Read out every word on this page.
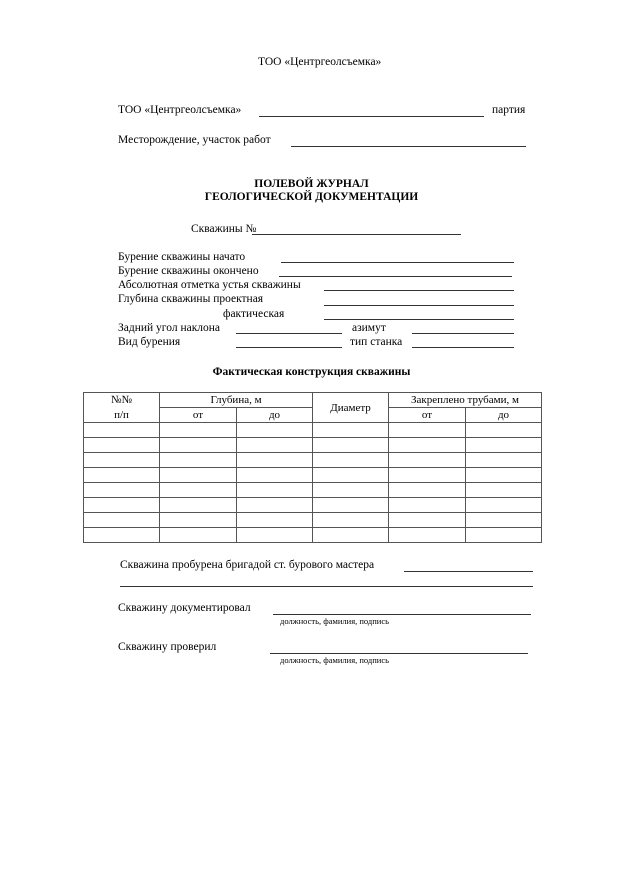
ТОО «Центргеолсъемка»
ТОО «Центргеолсъемка»	партия
Месторождение, участок работ
ПОЛЕВОЙ ЖУРНАЛ
ГЕОЛОГИЧЕСКОЙ ДОКУМЕНТАЦИИ
Скважины №
Бурение скважины начато
Бурение скважины окончено
Абсолютная отметка устья скважины
Глубина скважины проектная
фактическая
Задний угол наклона	азимут
Вид бурения	тип станка
Фактическая конструкция скважины
№№	Глубина, м		Диаметр	Закреплено трубами, м	
п/п	от	до		от	до

Скважина пробурена бригадой ст. бурового мастера
Скважину документировал
должность, фамилия, подпись
Скважину проверил
должность, фамилия, подпись
